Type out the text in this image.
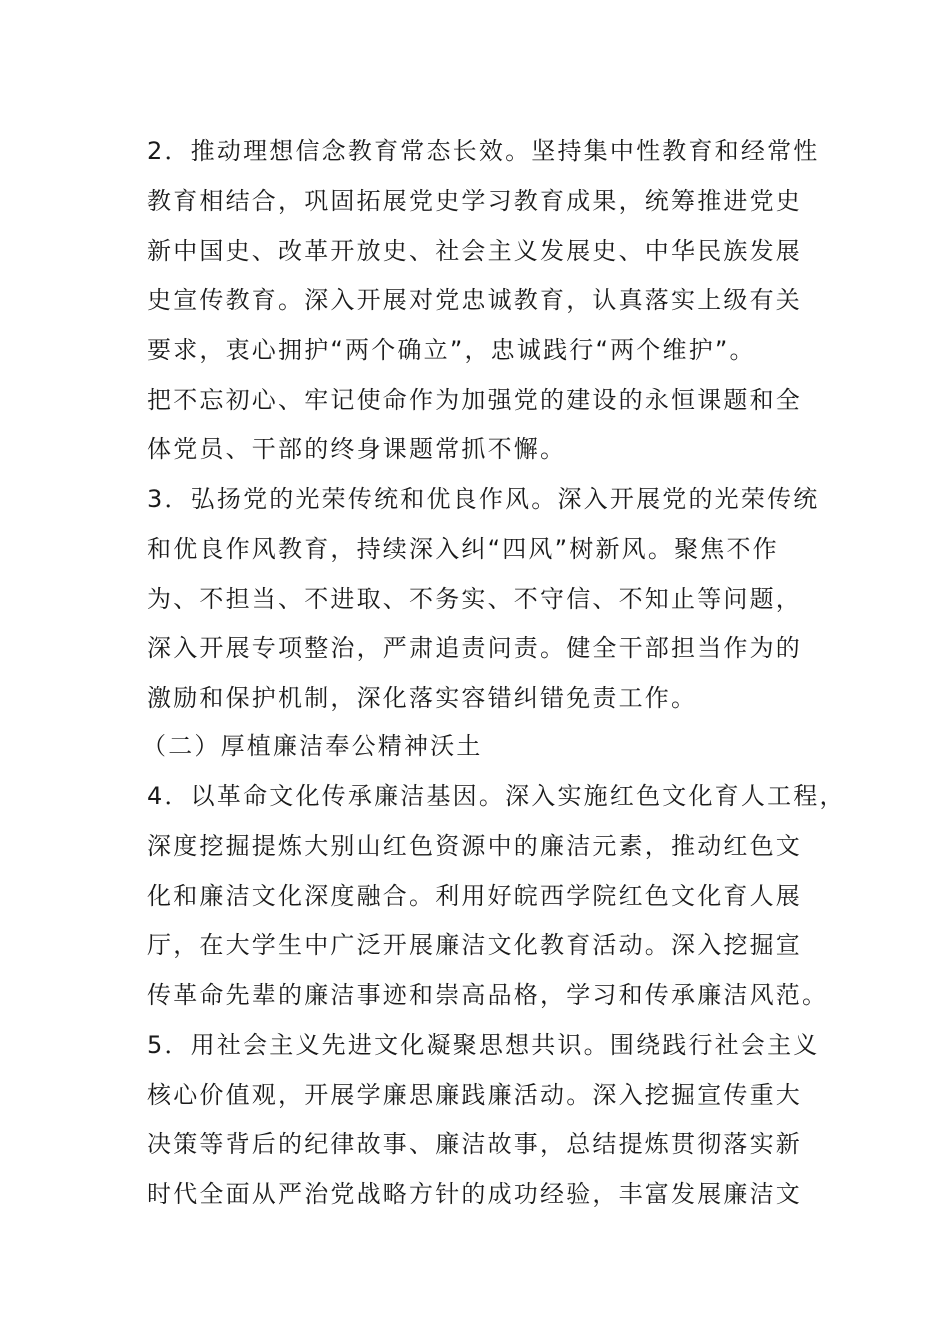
2．推动理想信念教育常态长效。坚持集中性教育和经常性
教育相结合，巩固拓展党史学习教育成果，统筹推进党史
新中国史、改革开放史、社会主义发展史、中华民族发展
史宣传教育。深入开展对党忠诚教育，认真落实上级有关
要求，衷心拥护“两个确立”，忠诚践行“两个维护”。
把不忘初心、牢记使命作为加强党的建设的永恒课题和全
体党员、干部的终身课题常抓不懈。
3．弘扬党的光荣传统和优良作风。深入开展党的光荣传统
和优良作风教育，持续深入纠“四风”树新风。聚焦不作
为、不担当、不进取、不务实、不守信、不知止等问题，
深入开展专项整治，严肃追责问责。健全干部担当作为的
激励和保护机制，深化落实容错纠错免责工作。
（二）厚植廉洁奉公精神沃土
4．以革命文化传承廉洁基因。深入实施红色文化育人工程，
深度挖掘提炼大别山红色资源中的廉洁元素，推动红色文
化和廉洁文化深度融合。利用好皖西学院红色文化育人展
厅，在大学生中广泛开展廉洁文化教育活动。深入挖掘宣
传革命先辈的廉洁事迹和崇高品格，学习和传承廉洁风范。
5．用社会主义先进文化凝聚思想共识。围绕践行社会主义
核心价值观，开展学廉思廉践廉活动。深入挖掘宣传重大
决策等背后的纪律故事、廉洁故事，总结提炼贯彻落实新
时代全面从严治党战略方针的成功经验，丰富发展廉洁文
